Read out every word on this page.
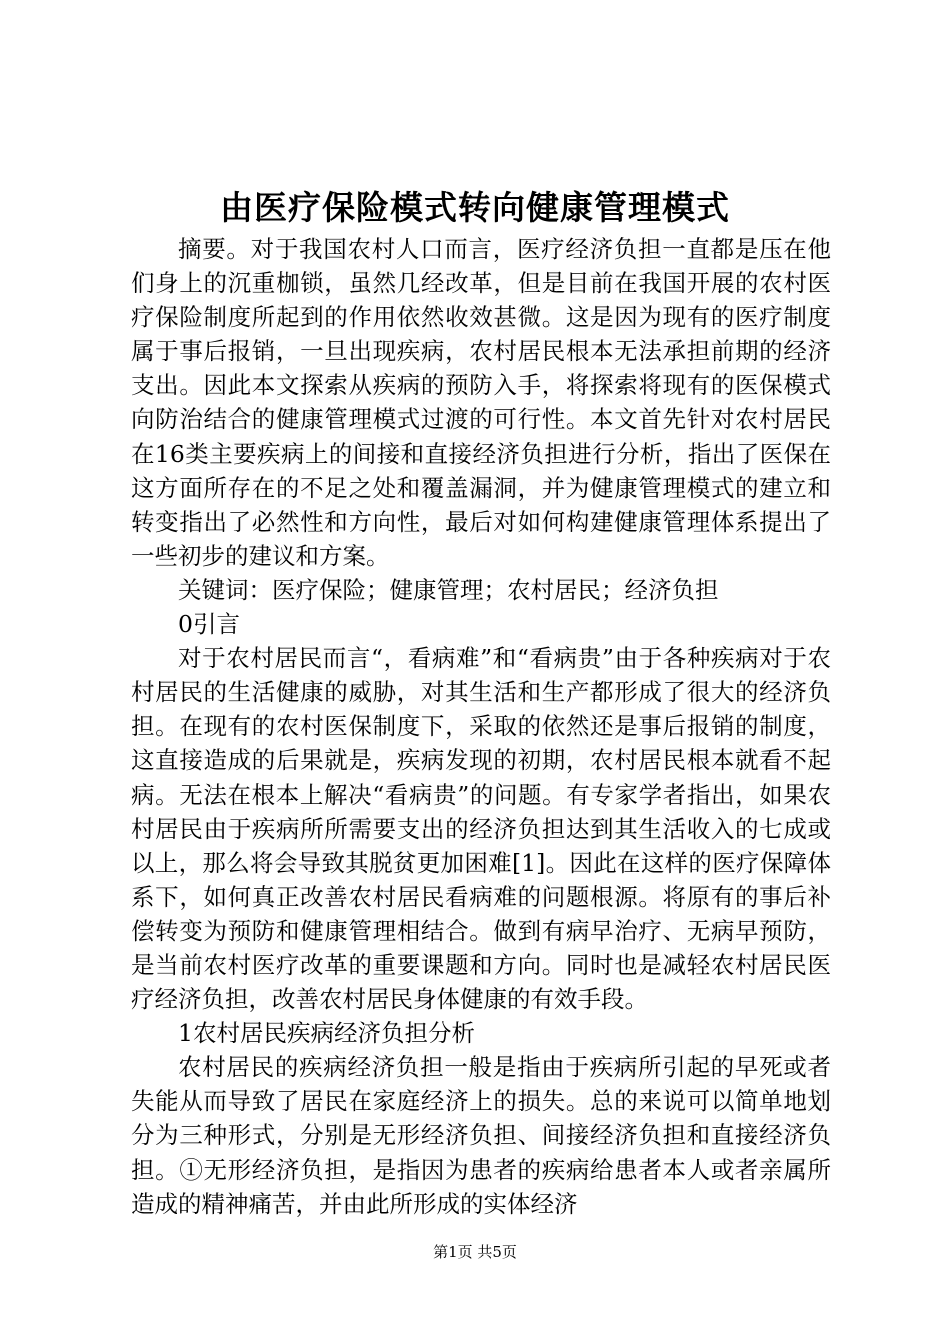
由医疗保险模式转向健康管理模式

摘要。对于我国农村人口而言，医疗经济负担一直都是压在他们身上的沉重枷锁，虽然几经改革，但是目前在我国开展的农村医疗保险制度所起到的作用依然收效甚微。这是因为现有的医疗制度属于事后报销，一旦出现疾病，农村居民根本无法承担前期的经济支出。因此本文探索从疾病的预防入手，将探索将现有的医保模式向防治结合的健康管理模式过渡的可行性。本文首先针对农村居民在16类主要疾病上的间接和直接经济负担进行分析，指出了医保在这方面所存在的不足之处和覆盖漏洞，并为健康管理模式的建立和转变指出了必然性和方向性，最后对如何构建健康管理体系提出了一些初步的建议和方案。

关键词：医疗保险；健康管理；农村居民；经济负担

0引言

对于农村居民而言“，看病难”和“看病贵”由于各种疾病对于农村居民的生活健康的威胁，对其生活和生产都形成了很大的经济负担。在现有的农村医保制度下，采取的依然还是事后报销的制度，这直接造成的后果就是，疾病发现的初期，农村居民根本就看不起病。无法在根本上解决“看病贵”的问题。有专家学者指出，如果农村居民由于疾病所所需要支出的经济负担达到其生活收入的七成或以上，那么将会导致其脱贫更加困难[1]。因此在这样的医疗保障体系下，如何真正改善农村居民看病难的问题根源。将原有的事后补偿转变为预防和健康管理相结合。做到有病早治疗、无病早预防，是当前农村医疗改革的重要课题和方向。同时也是减轻农村居民医疗经济负担，改善农村居民身体健康的有效手段。

1农村居民疾病经济负担分析

农村居民的疾病经济负担一般是指由于疾病所引起的早死或者失能从而导致了居民在家庭经济上的损失。总的来说可以简单地划分为三种形式，分别是无形经济负担、间接经济负担和直接经济负担。①无形经济负担，是指因为患者的疾病给患者本人或者亲属所造成的精神痛苦，并由此所形成的实体经济

第1页 共5页
